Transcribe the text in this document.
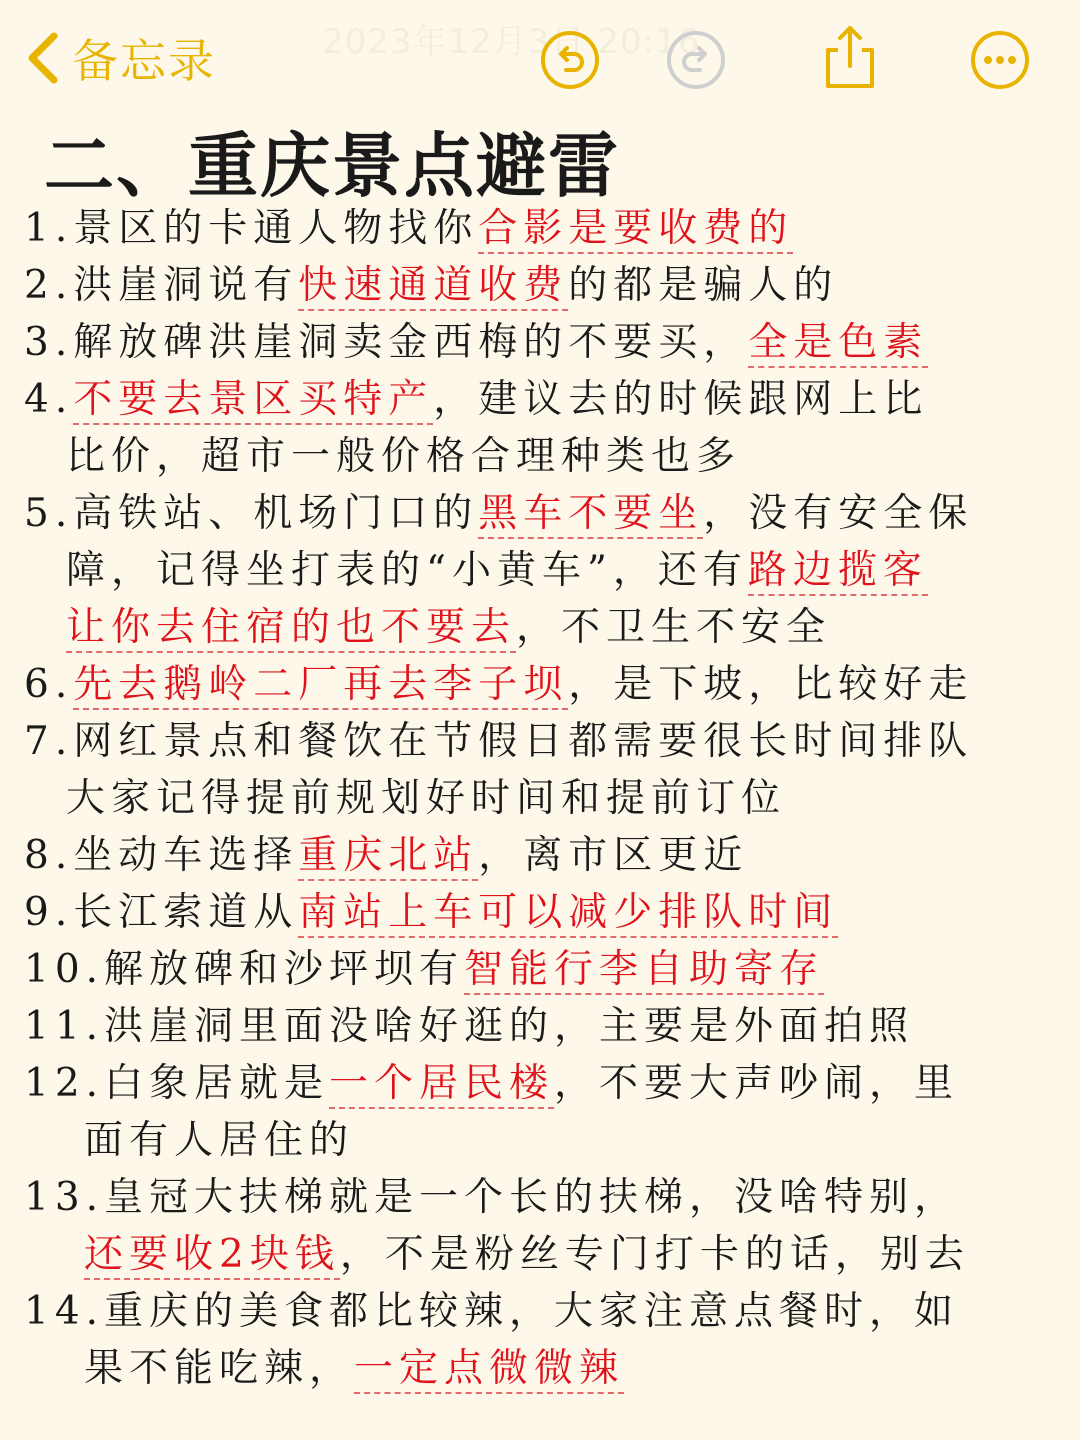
备忘录	2023年12月3日 20:16
二、重庆景点避雷
1.景区的卡通人物找你合影是要收费的
2.洪崖洞说有快速通道收费的都是骗人的
3.解放碑洪崖洞卖金西梅的不要买，全是色素
4.不要去景区买特产，建议去的时候跟网上比
比价，超市一般价格合理种类也多
5.高铁站、机场门口的黑车不要坐，没有安全保
障，记得坐打表的“小黄车”，还有路边揽客
让你去住宿的也不要去，不卫生不安全
6.先去鹅岭二厂再去李子坝，是下坡，比较好走
7.网红景点和餐饮在节假日都需要很长时间排队
大家记得提前规划好时间和提前订位
8.坐动车选择重庆北站，离市区更近
9.长江索道从南站上车可以减少排队时间
10.解放碑和沙坪坝有智能行李自助寄存
11.洪崖洞里面没啥好逛的，主要是外面拍照
12.白象居就是一个居民楼，不要大声吵闹，里
面有人居住的
13.皇冠大扶梯就是一个长的扶梯，没啥特别，
还要收2块钱，不是粉丝专门打卡的话，别去
14.重庆的美食都比较辣，大家注意点餐时，如
果不能吃辣，一定点微微辣
